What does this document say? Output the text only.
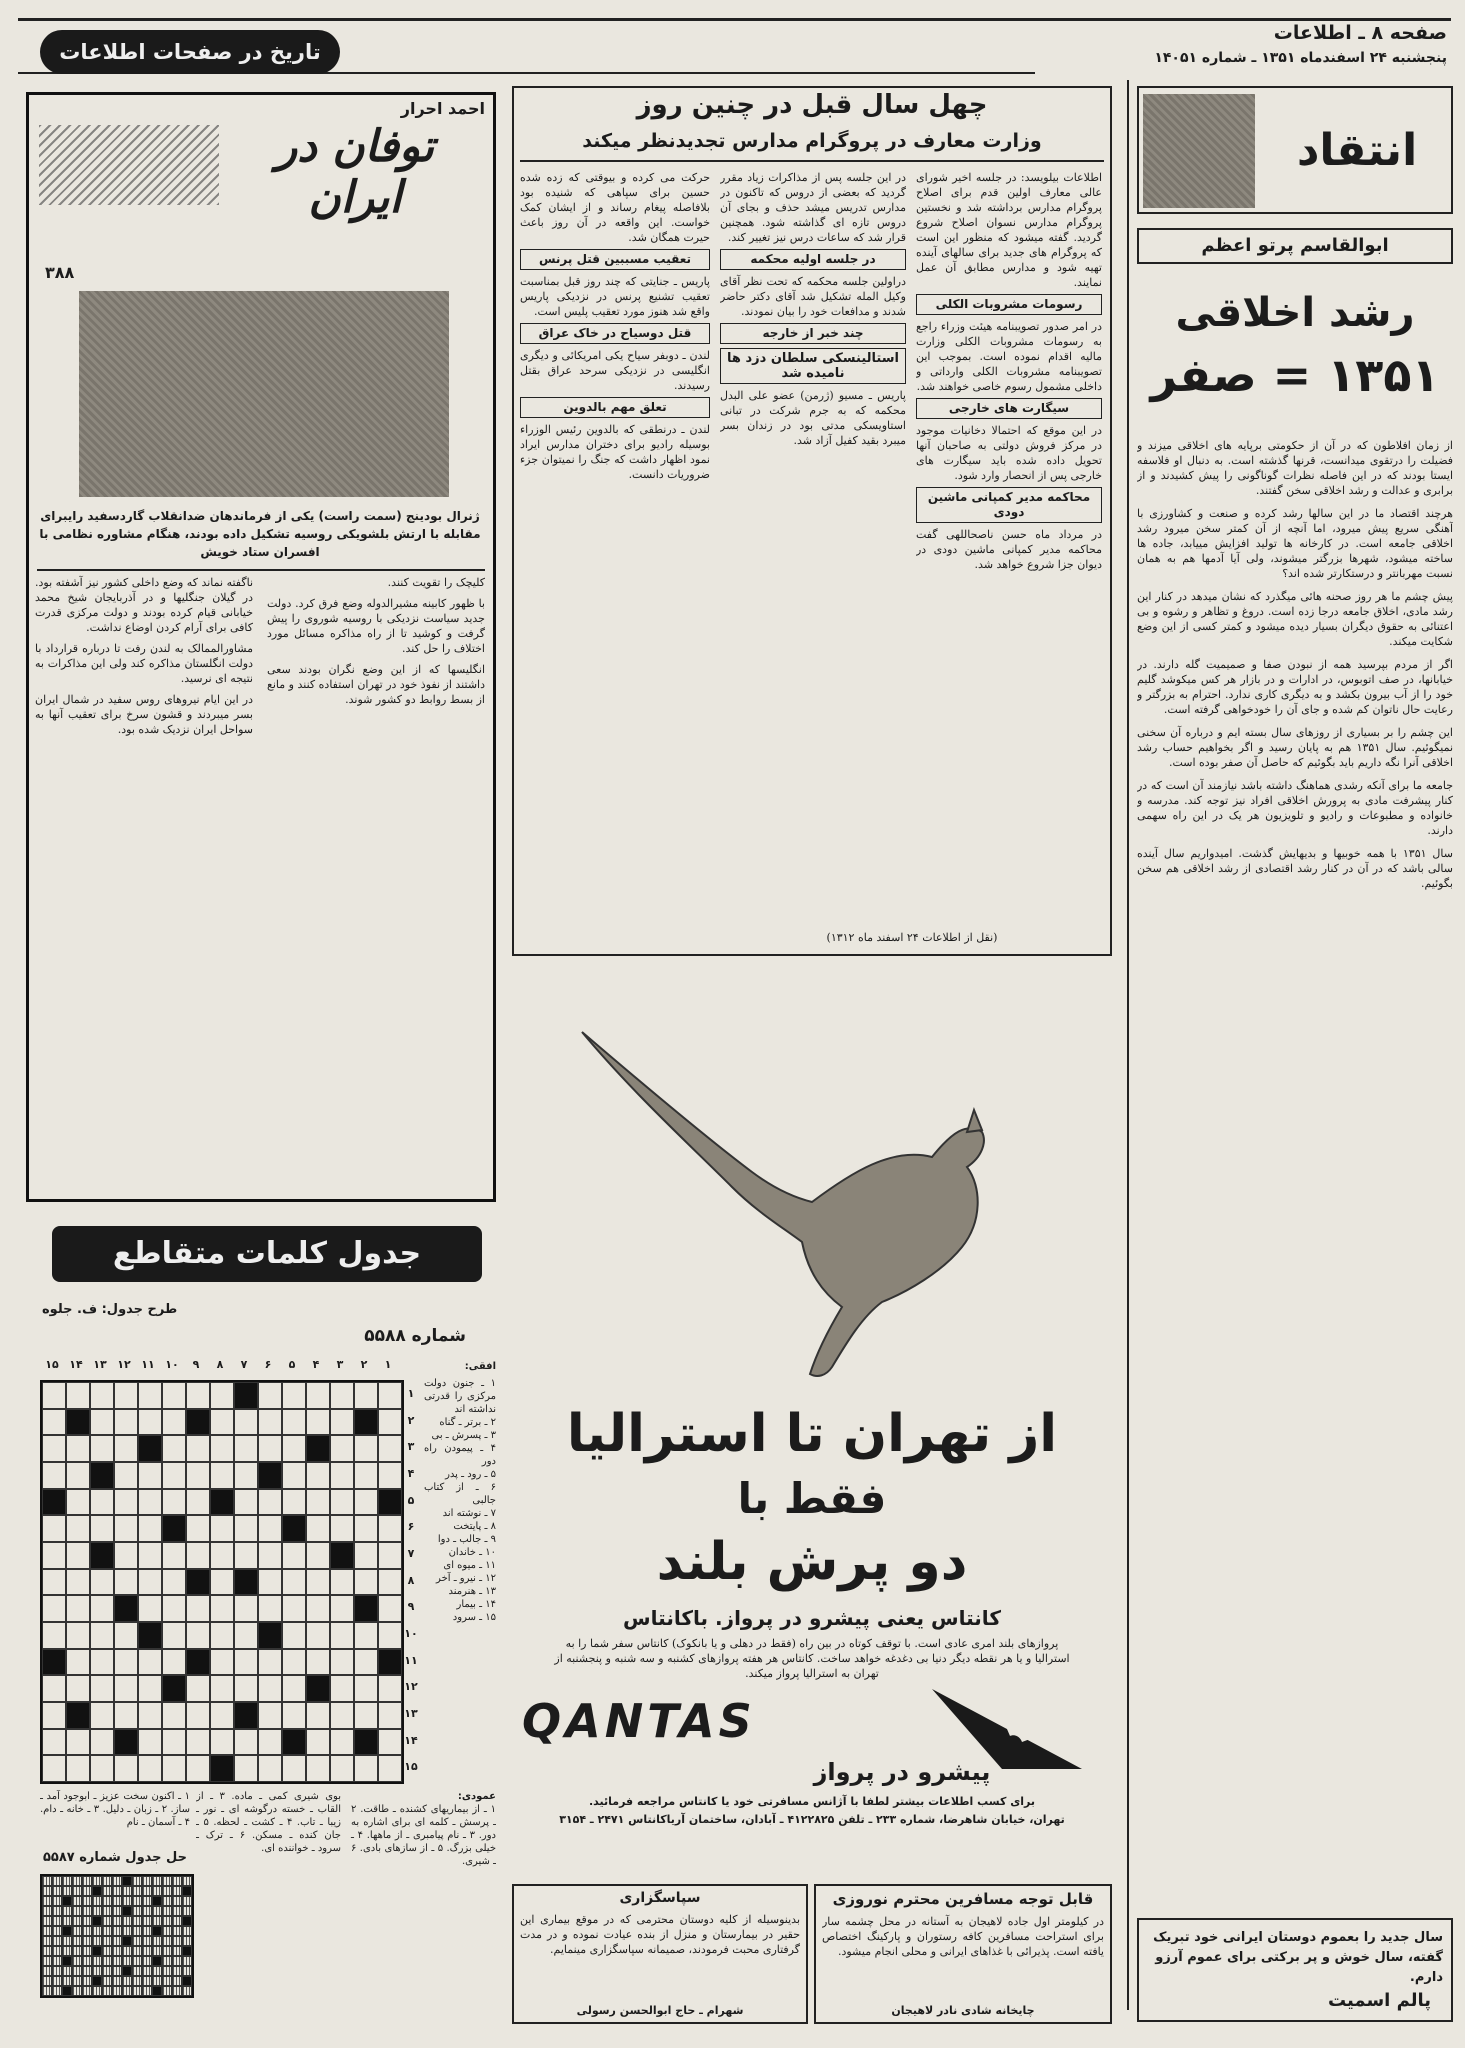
صفحه ۸ ـ اطلاعات
پنجشنبه ۲۴ اسفندماه ۱۳۵۱ ـ شماره ۱۴۰۵۱
تاریخ در صفحات اطلاعات
انتقاد
ابوالقاسم پرتو اعظم
رشد اخلاقی
۱۳۵۱ = صفر

از زمان افلاطون که در آن از حکومتی برپایه های اخلاقی میزند و فضیلت را درتقوی میدانست، قرنها گذشته است. به دنبال او فلاسفه ایستا بودند که در این فاصله نظرات گوناگونی را پیش کشیدند و از برابری و عدالت و رشد اخلاقی سخن گفتند.

هرچند اقتصاد ما در این سالها رشد کرده و صنعت و کشاورزی با آهنگی سریع پیش میرود، اما آنچه از آن کمتر سخن میرود رشد اخلاقی جامعه است. در کارخانه ها تولید افزایش مییابد، جاده ها ساخته میشود، شهرها بزرگتر میشوند، ولی آیا آدمها هم به همان نسبت مهربانتر و درستکارتر شده اند؟

پیش چشم ما هر روز صحنه هائی میگذرد که نشان میدهد در کنار این رشد مادی، اخلاق جامعه درجا زده است. دروغ و تظاهر و رشوه و بی اعتنائی به حقوق دیگران بسیار دیده میشود و کمتر کسی از این وضع شکایت میکند.

اگر از مردم بپرسید همه از نبودن صفا و صمیمیت گله دارند. در خیابانها، در صف اتوبوس، در ادارات و در بازار هر کس میکوشد گلیم خود را از آب بیرون بکشد و به دیگری کاری ندارد. احترام به بزرگتر و رعایت حال ناتوان کم شده و جای آن را خودخواهی گرفته است.

این چشم را بر بسیاری از روزهای سال بسته ایم و درباره آن سخنی نمیگوئیم. سال ۱۳۵۱ هم به پایان رسید و اگر بخواهیم حساب رشد اخلاقی آنرا نگه داریم باید بگوئیم که حاصل آن صفر بوده است.

جامعه ما برای آنکه رشدی هماهنگ داشته باشد نیازمند آن است که در کنار پیشرفت مادی به پرورش اخلاقی افراد نیز توجه کند. مدرسه و خانواده و مطبوعات و رادیو و تلویزیون هر یک در این راه سهمی دارند.

سال ۱۳۵۱ با همه خوبیها و بدیهایش گذشت. امیدواریم سال آینده سالی باشد که در آن در کنار رشد اقتصادی از رشد اخلاقی هم سخن بگوئیم.

چهل سال قبل در چنین روز
وزارت معارف در پروگرام مدارس تجدیدنظر میکند

اطلاعات بیلویسد: در جلسه اخیر شورای عالی معارف اولین قدم برای اصلاح پروگرام مدارس برداشته شد و نخستین پروگرام مدارس نسوان اصلاح شروع گردید. گفته میشود که منظور این است که پروگرام های جدید برای سالهای آینده تهیه شود و مدارس مطابق آن عمل نمایند.

رسومات مشروبات الکلی

در امر صدور تصویبنامه هیئت وزراء راجع به رسومات مشروبات الکلی وزارت مالیه اقدام نموده است. بموجب این تصویبنامه مشروبات الکلی وارداتی و داخلی مشمول رسوم خاصی خواهند شد.

سیگارت های خارجی

در این موقع که احتمالا دخانیات موجود در مرکز فروش دولتی به صاحبان آنها تحویل داده شده باید سیگارت های خارجی پس از انحصار وارد شود.

محاکمه مدیر کمپانی ماشین دودی

در مرداد ماه حسن ناصحاللهی گفت محاکمه مدیر کمپانی ماشین دودی در دیوان جزا شروع خواهد شد.

در این جلسه پس از مذاکرات زیاد مقرر گردید که بعضی از دروس که تاکنون در مدارس تدریس میشد حذف و بجای آن دروس تازه ای گذاشته شود. همچنین قرار شد که ساعات درس نیز تغییر کند.

در جلسه اولیه محکمه

دراولین جلسه محکمه که تحت نظر آقای وکیل المله تشکیل شد آقای دکتر حاضر شدند و مدافعات خود را بیان نمودند.

چند خبر از خارجه
استالینسکی سلطان دزد ها نامیده شد

پاریس ـ مسیو (ژرمن) عضو علی البدل محکمه که به جرم شرکت در تبانی استاویسکی مدتی بود در زندان بسر میبرد بقید کفیل آزاد شد.

حرکت می کرده و بیوقتی که زده شده حسین برای سپاهی که شنیده بود بلافاصله پیغام رساند و از ایشان کمک خواست. این واقعه در آن روز باعث حیرت همگان شد.

تعقیب مسببین قتل پرنس

پاریس ـ جنایتی که چند روز قبل بمناسبت تعقیب تشنیع پرنس در نزدیکی پاریس واقع شد هنوز مورد تعقیب پلیس است.

قتل دوسیاح در خاک عراق

لندن ـ دوبفر سیاح یکی امریکائی و دیگری انگلیسی در نزدیکی سرحد عراق بقتل رسیدند.

تعلق مهم بالدوین

لندن ـ درنطقی که بالدوین رئیس الوزراء بوسیله رادیو برای دختران مدارس ایراد نمود اظهار داشت که جنگ را نمیتوان جزء ضروریات دانست.

(نقل از اطلاعات ۲۴ اسفند ماه ۱۳۱۲)
احمد احرار
توفان در ایران
۳۸۸
ژنرال بودینج (سمت راست) یکی از فرماندهان ضدانقلاب گاردسفید رایبرای مقابله با ارتش بلشویکی روسیه تشکیل داده بودند، هنگام مشاوره نظامی با افسران ستاد خویش

کلیچک را تقویت کنند.

با ظهور کابینه مشیرالدوله وضع فرق کرد. دولت جدید سیاست نزدیکی با روسیه شوروی را پیش گرفت و کوشید تا از راه مذاکره مسائل مورد اختلاف را حل کند.

انگلیسها که از این وضع نگران بودند سعی داشتند از نفوذ خود در تهران استفاده کنند و مانع از بسط روابط دو کشور شوند.

ناگفته نماند که وضع داخلی کشور نیز آشفته بود. در گیلان جنگلیها و در آذربایجان شیخ محمد خیابانی قیام کرده بودند و دولت مرکزی قدرت کافی برای آرام کردن اوضاع نداشت.

مشاورالممالک به لندن رفت تا درباره قرارداد با دولت انگلستان مذاکره کند ولی این مذاکرات به نتیجه ای نرسید.

در این ایام نیروهای روس سفید در شمال ایران بسر میبردند و قشون سرخ برای تعقیب آنها به سواحل ایران نزدیک شده بود.

جدول کلمات متقاطع
طرح جدول: ف. جلوه
شماره ۵۵۸۸
۱۵ ۱۴ ۱۳ ۱۲ ۱۱ ۱۰	۹	۸	۷	۶	۵	۴	۳	۲	۱
۱
۲
۳
۴
۵
۶
۷
۸
۹
۱۰
۱۱
۱۲
۱۳
۱۴
۱۵
افقی:
۱ ـ جنون دولت مرکزی را قدرتی نداشته اند
۲ ـ برتر ـ گناه
۳ ـ پسرش ـ بی
۴ ـ پیمودن راه دور
۵ ـ رود ـ پدر
۶ ـ از کتاب جالبی
۷ ـ نوشته اند
۸ ـ پایتخت
۹ ـ جالب ـ دوا
۱۰ ـ خاندان
۱۱ ـ میوه ای
۱۲ ـ نیرو ـ آخر
۱۳ ـ هنرمند
۱۴ ـ بیمار
۱۵ ـ سرود
عمودی:

۱ ـ از بیماریهای کشنده ـ طاقت. ۲ ـ پرسش ـ کلمه ای برای اشاره به دور. ۳ ـ نام پیامبری ـ از ماهها. ۴ ـ خیلی بزرگ. ۵ ـ از سازهای بادی. ۶ ـ شیری.

بوی شیری کمی ـ ماده. ۳ ـ از القاب ـ خسته درگوشه ای ـ نور ـ زیبا ـ تاب. ۴ ـ کشت ـ لحظه. ۵ ـ جان کنده ـ مسکن. ۶ ـ ترک ـ سرود ـ خواننده ای.

حل جدول شماره ۵۵۸۷
۱ ـ اکنون سخت عزیز ـ ابوجود آمد ـ ساز. ۲ ـ زبان ـ دلیل. ۳ ـ خانه ـ دام. ۴ ـ آسمان ـ نام
از تهران تا استرالیا
فقط با
دو پرش بلند
کانتاس یعنی پیشرو در پرواز. باکانتاس
پروازهای بلند امری عادی است. با توقف کوتاه در بین راه (فقط در دهلی و یا بانکوک) کانتاس سفر شما را به استرالیا و یا هر نقطه دیگر دنیا بی دغدغه خواهد ساخت. کانتاس هر هفته پروازهای کشنبه و سه شنبه و پنجشنبه از تهران به استرالیا پرواز میکند.
QANTAS
پیشرو در پرواز
برای کسب اطلاعات بیشتر لطفا با آژانس مسافرتی خود یا کانتاس مراجعه فرمائید.
تهران، خیابان شاهرضا، شماره ۲۳۳ ـ تلفن ۴۱۲۲۸۲۵ ـ آبادان، ساختمان آریاکانتاس ۲۴۷۱ ـ ۳۱۵۴
قابل توجه مسافرین محترم نوروزی
در کیلومتر اول جاده لاهیجان به آستانه در محل چشمه سار برای استراحت مسافرین کافه رستوران و پارکینگ اختصاص یافته است. پذیرائی با غذاهای ایرانی و محلی انجام میشود.
چایخانه شادی نادر لاهیجان
سپاسگزاری
بدینوسیله از کلیه دوستان محترمی که در موقع بیماری این حقیر در بیمارستان و منزل از بنده عیادت نموده و در مدت گرفتاری محبت فرمودند، صمیمانه سپاسگزاری مینمایم.
شهرام ـ حاج ابوالحسن رسولی
سال جدید را بعموم دوستان ایرانی خود تبریک گفته، سال خوش و پر برکتی برای عموم آرزو دارم.
پالم اسمیت
